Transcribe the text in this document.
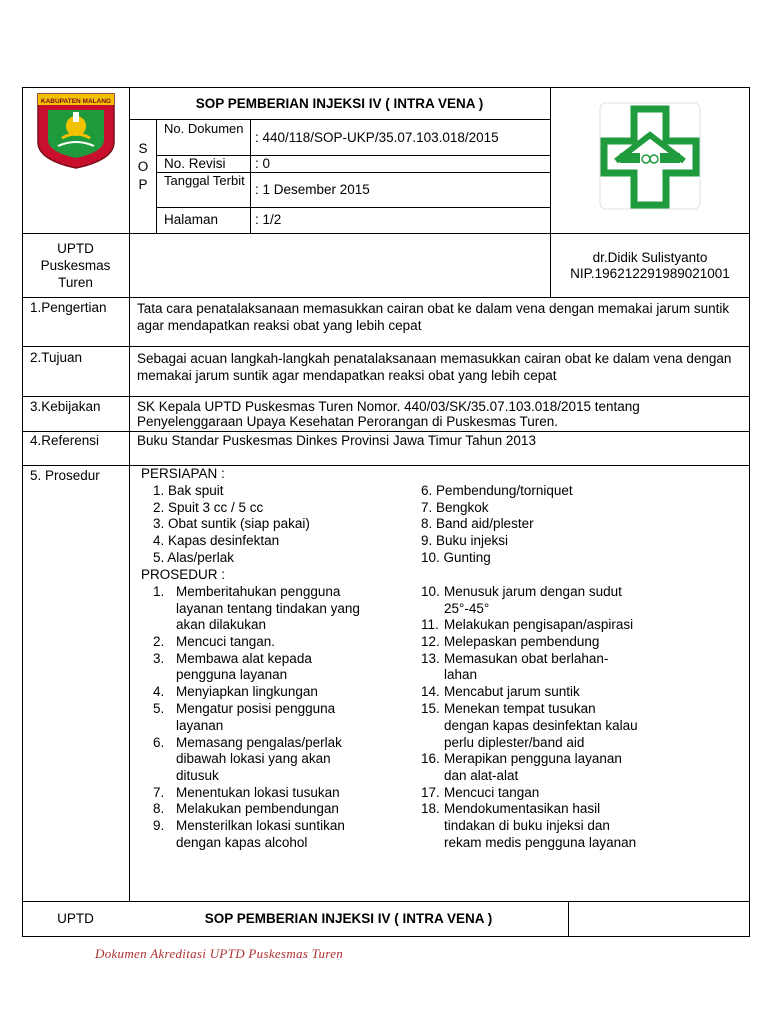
KABUPATEN MALANG	SOP PEMBERIAN INJEKSI IV ( INTRA VENA )
S
O
P
No. Dokumen
: 440/118/SOP-UKP/35.07.103.018/2015
No. Revisi : 0
Tanggal Terbit
: 1 Desember 2015
Halaman	: 1/2
UPTD
Puskesmas
Turen
dr.Didik Sulistyanto
NIP.196212291989021001
1.Pengertian Tata cara penatalaksanaan memasukkan cairan obat ke dalam vena dengan memakai jarum suntik agar mendapatkan reaksi obat yang lebih cepat
2.Tujuan	Sebagai acuan langkah-langkah penatalaksanaan memasukkan cairan obat ke dalam vena dengan memakai jarum suntik agar mendapatkan reaksi obat yang lebih cepat
3.Kebijakan	SK Kepala UPTD Puskesmas Turen Nomor. 440/03/SK/35.07.103.018/2015 tentang Penyelenggaraan Upaya Kesehatan Perorangan di Puskesmas Turen.
4.Referensi	Buku Standar Puskesmas Dinkes Provinsi Jawa Timur Tahun 2013
5. Prosedur	PERSIAPAN :
1. Bak spuit
2. Spuit 3 cc / 5 cc
3. Obat suntik (siap pakai)
4. Kapas desinfektan
5. Alas/perlak
6. Pembendung/torniquet
7. Bengkok
8. Band aid/plester
9. Buku injeksi
10. Gunting
PROSEDUR :
1. Memberitahukan pengguna
layanan tentang tindakan yang
akan dilakukan
2. Mencuci tangan.
3. Membawa alat kepada
pengguna layanan
4. Menyiapkan lingkungan
5. Mengatur posisi pengguna
layanan
6. Memasang pengalas/perlak
dibawah lokasi yang akan
ditusuk
7. Menentukan lokasi tusukan
8. Melakukan pembendungan
9. Mensterilkan lokasi suntikan
dengan kapas alcohol
10. Menusuk jarum dengan sudut
25°-45°
11. Melakukan pengisapan/aspirasi
12. Melepaskan pembendung
13. Memasukan obat berlahan-
lahan
14. Mencabut jarum suntik
15. Menekan tempat tusukan
dengan kapas desinfektan kalau
perlu diplester/band aid
16. Merapikan pengguna layanan
dan alat-alat
17. Mencuci tangan
18. Mendokumentasikan hasil
tindakan di buku injeksi dan
rekam medis pengguna layanan
UPTD	SOP PEMBERIAN INJEKSI IV ( INTRA VENA )
Dokumen Akreditasi UPTD Puskesmas Turen
